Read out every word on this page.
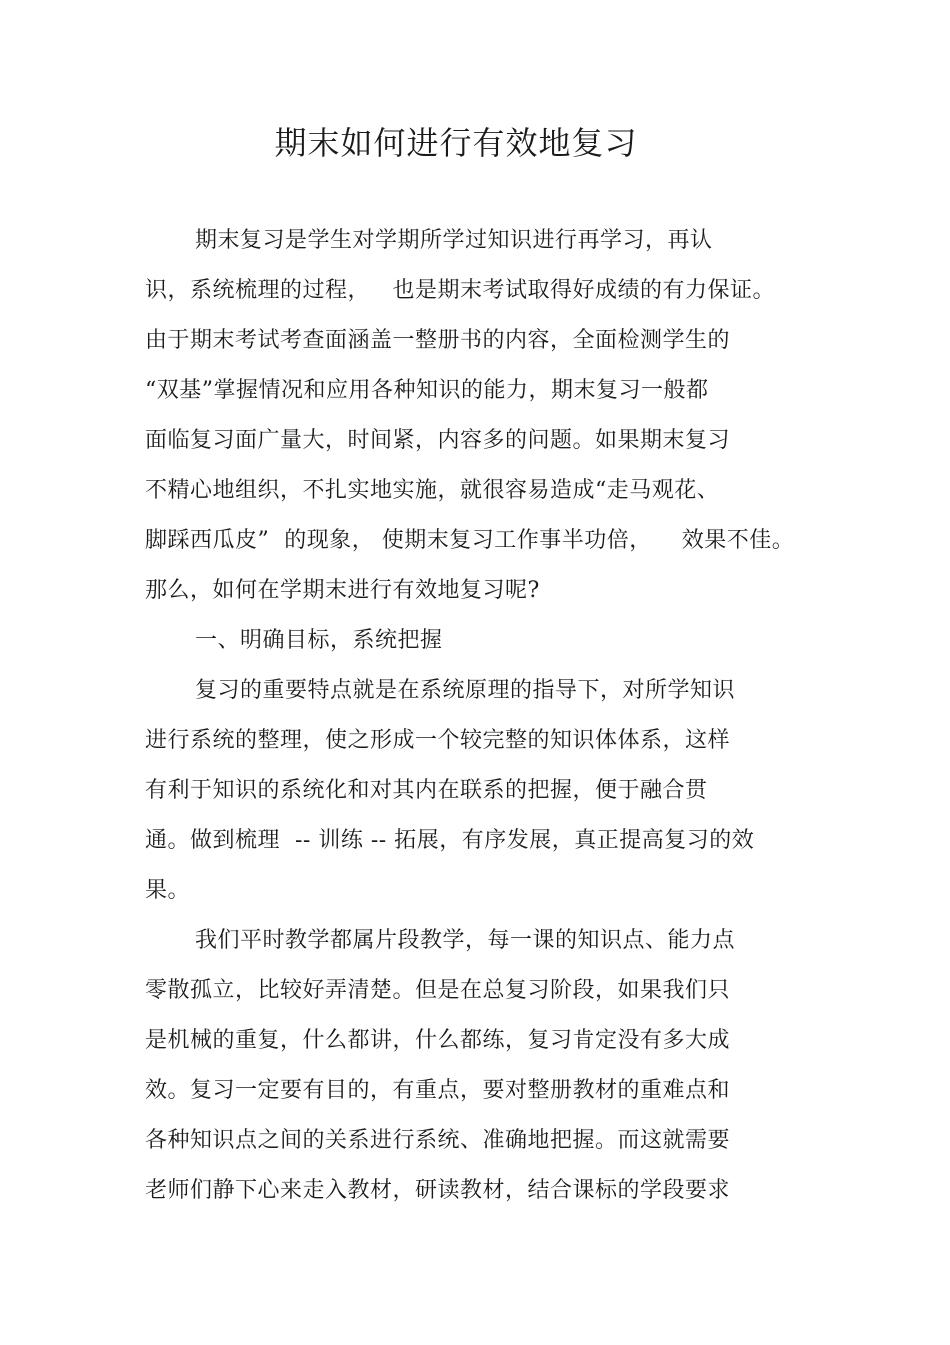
期末如何进行有效地复习
期末复习是学生对学期所学过知识进行再学习，再认
识，系统梳理的过程，   也是期末考试取得好成绩的有力保证。
由于期末考试考查面涵盖一整册书的内容，全面检测学生的
“双基”掌握情况和应用各种知识的能力，期末复习一般都
面临复习面广量大，时间紧，内容多的问题。如果期末复习
不精心地组织，不扎实地实施，就很容易造成“走马观花、
脚踩西瓜皮”  的现象， 使期末复习工作事半功倍，    效果不佳。
那么，如何在学期末进行有效地复习呢?
一、明确目标，系统把握
复习的重要特点就是在系统原理的指导下，对所学知识
进行系统的整理，使之形成一个较完整的知识体体系，这样
有利于知识的系统化和对其内在联系的把握，便于融合贯
通。做到梳理  -- 训练 -- 拓展，有序发展，真正提高复习的效
果。
我们平时教学都属片段教学，每一课的知识点、能力点
零散孤立，比较好弄清楚。但是在总复习阶段，如果我们只
是机械的重复，什么都讲，什么都练，复习肯定没有多大成
效。复习一定要有目的，有重点，要对整册教材的重难点和
各种知识点之间的关系进行系统、准确地把握。而这就需要
老师们静下心来走入教材，研读教材，结合课标的学段要求
